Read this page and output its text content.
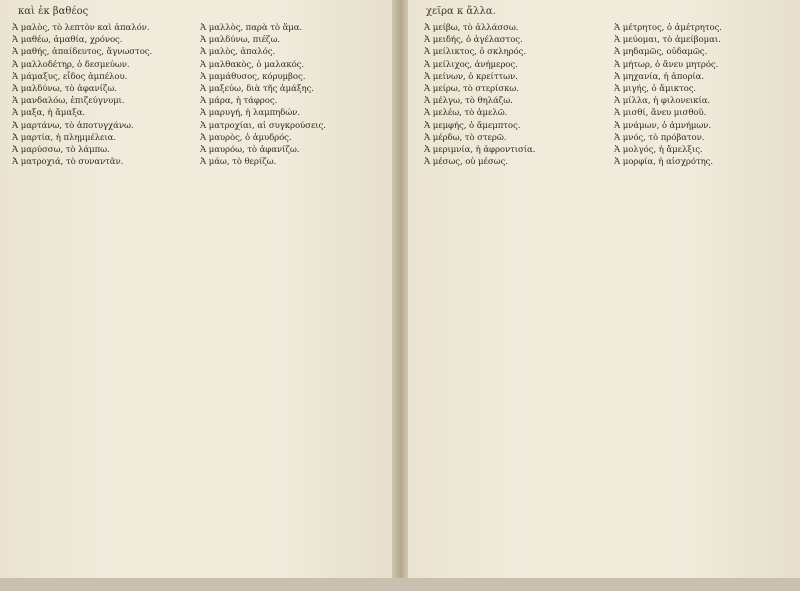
καὶ ἐκ βαθέος
Ἀ μαλὸς, τὸ λεπτὸν καὶ ἀπαλόν.
Ἀ μαθέω, ἁμαθία, χρόνος.
Ἀ μαθής, ἀπαίδευτος, ἄγνωστος.
Ἀ μαλλοδέτηρ, ὁ δεσμεύων.
Ἀ μάμαξυς, εἶδος ἀμπέλου.
Ἀ μαλδύνω, τὸ ἀφανίζω.
Ἀ μανδαλόω, ἐπιζεύγνυμι.
Ἀ μαξα, ἡ ἅμαξα.
Ἀ μαρτάνω, τὸ ἀποτυγχάνω.
Ἀ μαρτία, ἡ πλημμέλεια.
Ἀ μαρύσσω, τὸ λάμπω.
Ἀ ματροχιά, τὸ συναντᾶν.
Ἀ μαλλὸς, παρὰ τὸ ἅμα.
Ἀ μαλδύνω, πιέζω.
Ἀ μαλὸς, ἁπαλός.
Ἀ μαλθακὸς, ὁ μαλακός.
Ἀ μαμάθυσος, κόρυμβος.
Ἀ μαξεύω, διὰ τῆς ἁμάξης.
Ἀ μάρα, ἡ τάφρος.
Ἀ μαρυγή, ἡ λαμπηδών.
Ἀ ματροχίαι, αἱ συγκρούσεις.
Ἀ μαυρὸς, ὁ ἀμυδρός.
Ἀ μαυρόω, τὸ ἀφανίζω.
Ἀ μάω, τὸ θερίζω.
χεῖρα κ ἄλλα.
Ἀ μείβω, τὸ ἀλλάσσω.
Ἀ μειδής, ὁ ἀγέλαστος.
Ἀ μείλικτος, ὁ σκληρός.
Ἀ μείλιχος, ἀνήμερος.
Ἀ μείνων, ὁ κρείττων.
Ἀ μείρω, τὸ στερίσκω.
Ἀ μέλγω, τὸ θηλάζω.
Ἀ μελέω, τὸ ἀμελῶ.
Ἀ μεμφής, ὁ ἄμεμπτος.
Ἀ μέρδω, τὸ στερῶ.
Ἀ μεριμνία, ἡ ἀφροντισία.
Ἀ μέσως, οὐ μέσως.
Ἀ μέτρητος, ὁ ἀμέτρητος.
Ἀ μεύομαι, τὸ ἀμείβομαι.
Ἀ μηδαμῶς, οὐδαμῶς.
Ἀ μήτωρ, ὁ ἄνευ μητρός.
Ἀ μηχανία, ἡ ἀπορία.
Ἀ μιγής, ὁ ἄμικτος.
Ἀ μίλλα, ἡ φιλονεικία.
Ἀ μισθί, ἄνευ μισθοῦ.
Ἀ μνάμων, ὁ ἀμνήμων.
Ἀ μνός, τὸ πρόβατον.
Ἀ μολγός, ἡ ἄμελξις.
Ἀ μορφία, ἡ αἰσχρότης.
